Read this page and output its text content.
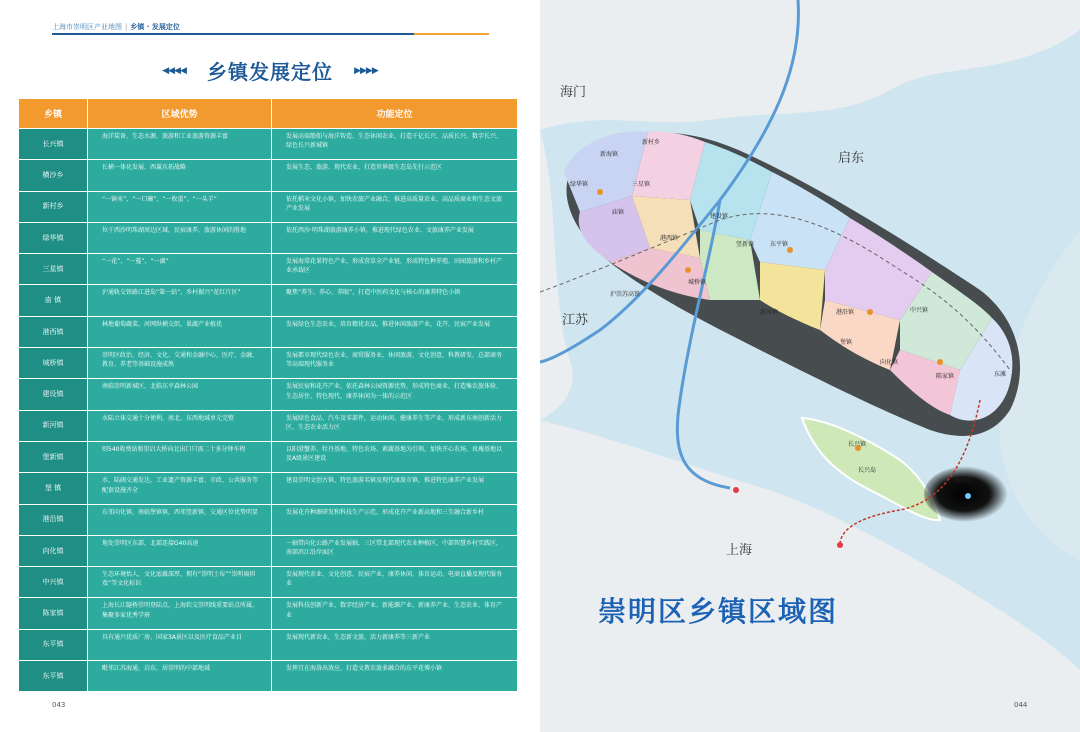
上海市崇明区产业地图 | 乡镇 · 发展定位
◀◀◀◀ 乡镇发展定位 ▶▶▶▶
乡镇	区域优势	功能定位
长兴镇	海洋装备、生态水源、旅游和工业旅游资源丰富	发展高端船舶与海洋智造、生态休闲农业，打造千亿长兴、品质长兴、数字长兴、绿色长兴新城镇
横沙乡	长横一体化发展、西翼东拓战略	发展生态、旅游、现代农业，打造世界级生态岛先行示范区
新村乡	“一镇米”、“一口碗”、“一枚蛋”、“一头羊”	依托稻米文化小镇，加快农旅产业融合，推进高质量农业，高品质商业和生态文旅产业发展
绿华镇	位于西沙明珠湖周边区域，民宿康养、旅游休闲的胜地	依托西沙·明珠湖旅游康养小镇，推进现代绿色农业、文旅康养产业发展
三星镇	“一花”、“一蔓”、“一湖”	发展海棠花果特色产业，形成营草全产业链，形成特色种养殖、田园旅游和乡村产业承载区
庙 镇	沪通轨交铁路江进岛“第一站”，乡村振兴“花红片区”	聚焦“养生、养心、养眼”，打造中医药文化与核心的康养特色小镇
港西镇	林地葡萄蔬菜、河网纵横交织，果蔬产业植优	发展绿色生态农业，培育精优农品，推进休闲旅游产业，花卉、民宿产业发展
城桥镇	崇明区政治、经济、文化、交通和金融中心，医疗、金融、教育、养老等基础设施成熟	发展都市现代绿色农业，商贸服务业，休闲旅游，文化创意，科教研发，总部商务等高端现代服务业
建设镇	南临崇明新城区，北临东平森林公园	发展民宿和花卉产业，依托森林公园资源优势，形成特色商业，打造集农旅体验、生态居住、特色现代、康养休闲为一体的示范区
新河镇	水陆立体交通十分便利，南北、东西地域单元完整	发展绿色食品、汽车及零部件，运动休闲、健康养生等产业，形成新东南创新活力区、生态农业活力区
堡新镇	则540收费站和崇启大桥向北出口只需二十多分钟车程	以阳澄蟹养、牡丹基地、特色农场、素蔬基地为引领，加快开心农场、玫瑰基地以及A级景区建设
堡 镇	水、陆阔交通发达，工业遗产资源丰富，市政、公共服务等配套设施齐全	建设崇明文创古镇，特色旅游名镇及现代康旅市镇，推进特色康养产业发展
港沿镇	东邻向化镇，南临堡镇镇，西邻竖新镇，交通区位优势明显	发展花卉种源研发和科技生产示范，形成花卉产业新高地和三生融合新乡村
向化镇	地处崇明区东部，北部连接G40高速	一轴带向化公路产业发展轴，三区带北部现代农业种植区，中部智慧乡村实践区，南部滨江沿岸面区
中兴镇	生态环境怡人，文化底蕴深厚，拥有“崇明土布”“崇明扁担戏”等文化标识	发展现代农业、文化创意、民宿产业、康养休闲、体育运动、电商直播及现代服务业
陈家镇	上海长江隧桥崇明登陆点，上海软交崇明线重要站点所属，集聚多家优秀学府	发展科技创新产业、数字经济产业、新能源产业、新康养产业、生态农业、体育产业
东平镇	具有通兴优质厂房、国家3A景区以及医疗食品产业目	发展现代新农业，生态新文旅，活力新康养等三新产业
东平镇	毗邻江苏海通，启东，居崇明的中部地域	发挥宜在海洛出效应，打造文教农旅多融合的东平花博小镇
043
海门
启东
江苏
上海
新村乡
新海镇
绿华镇	三星镇
庙镇
港西镇
建设镇
竖新镇	东平镇
城桥镇
新河镇
堡镇
港沿镇	中兴镇
向化镇
陈家镇
长兴镇
横沙乡
沪崇苏高铁
长兴岛
东滩
崇明区乡镇区域图
044
